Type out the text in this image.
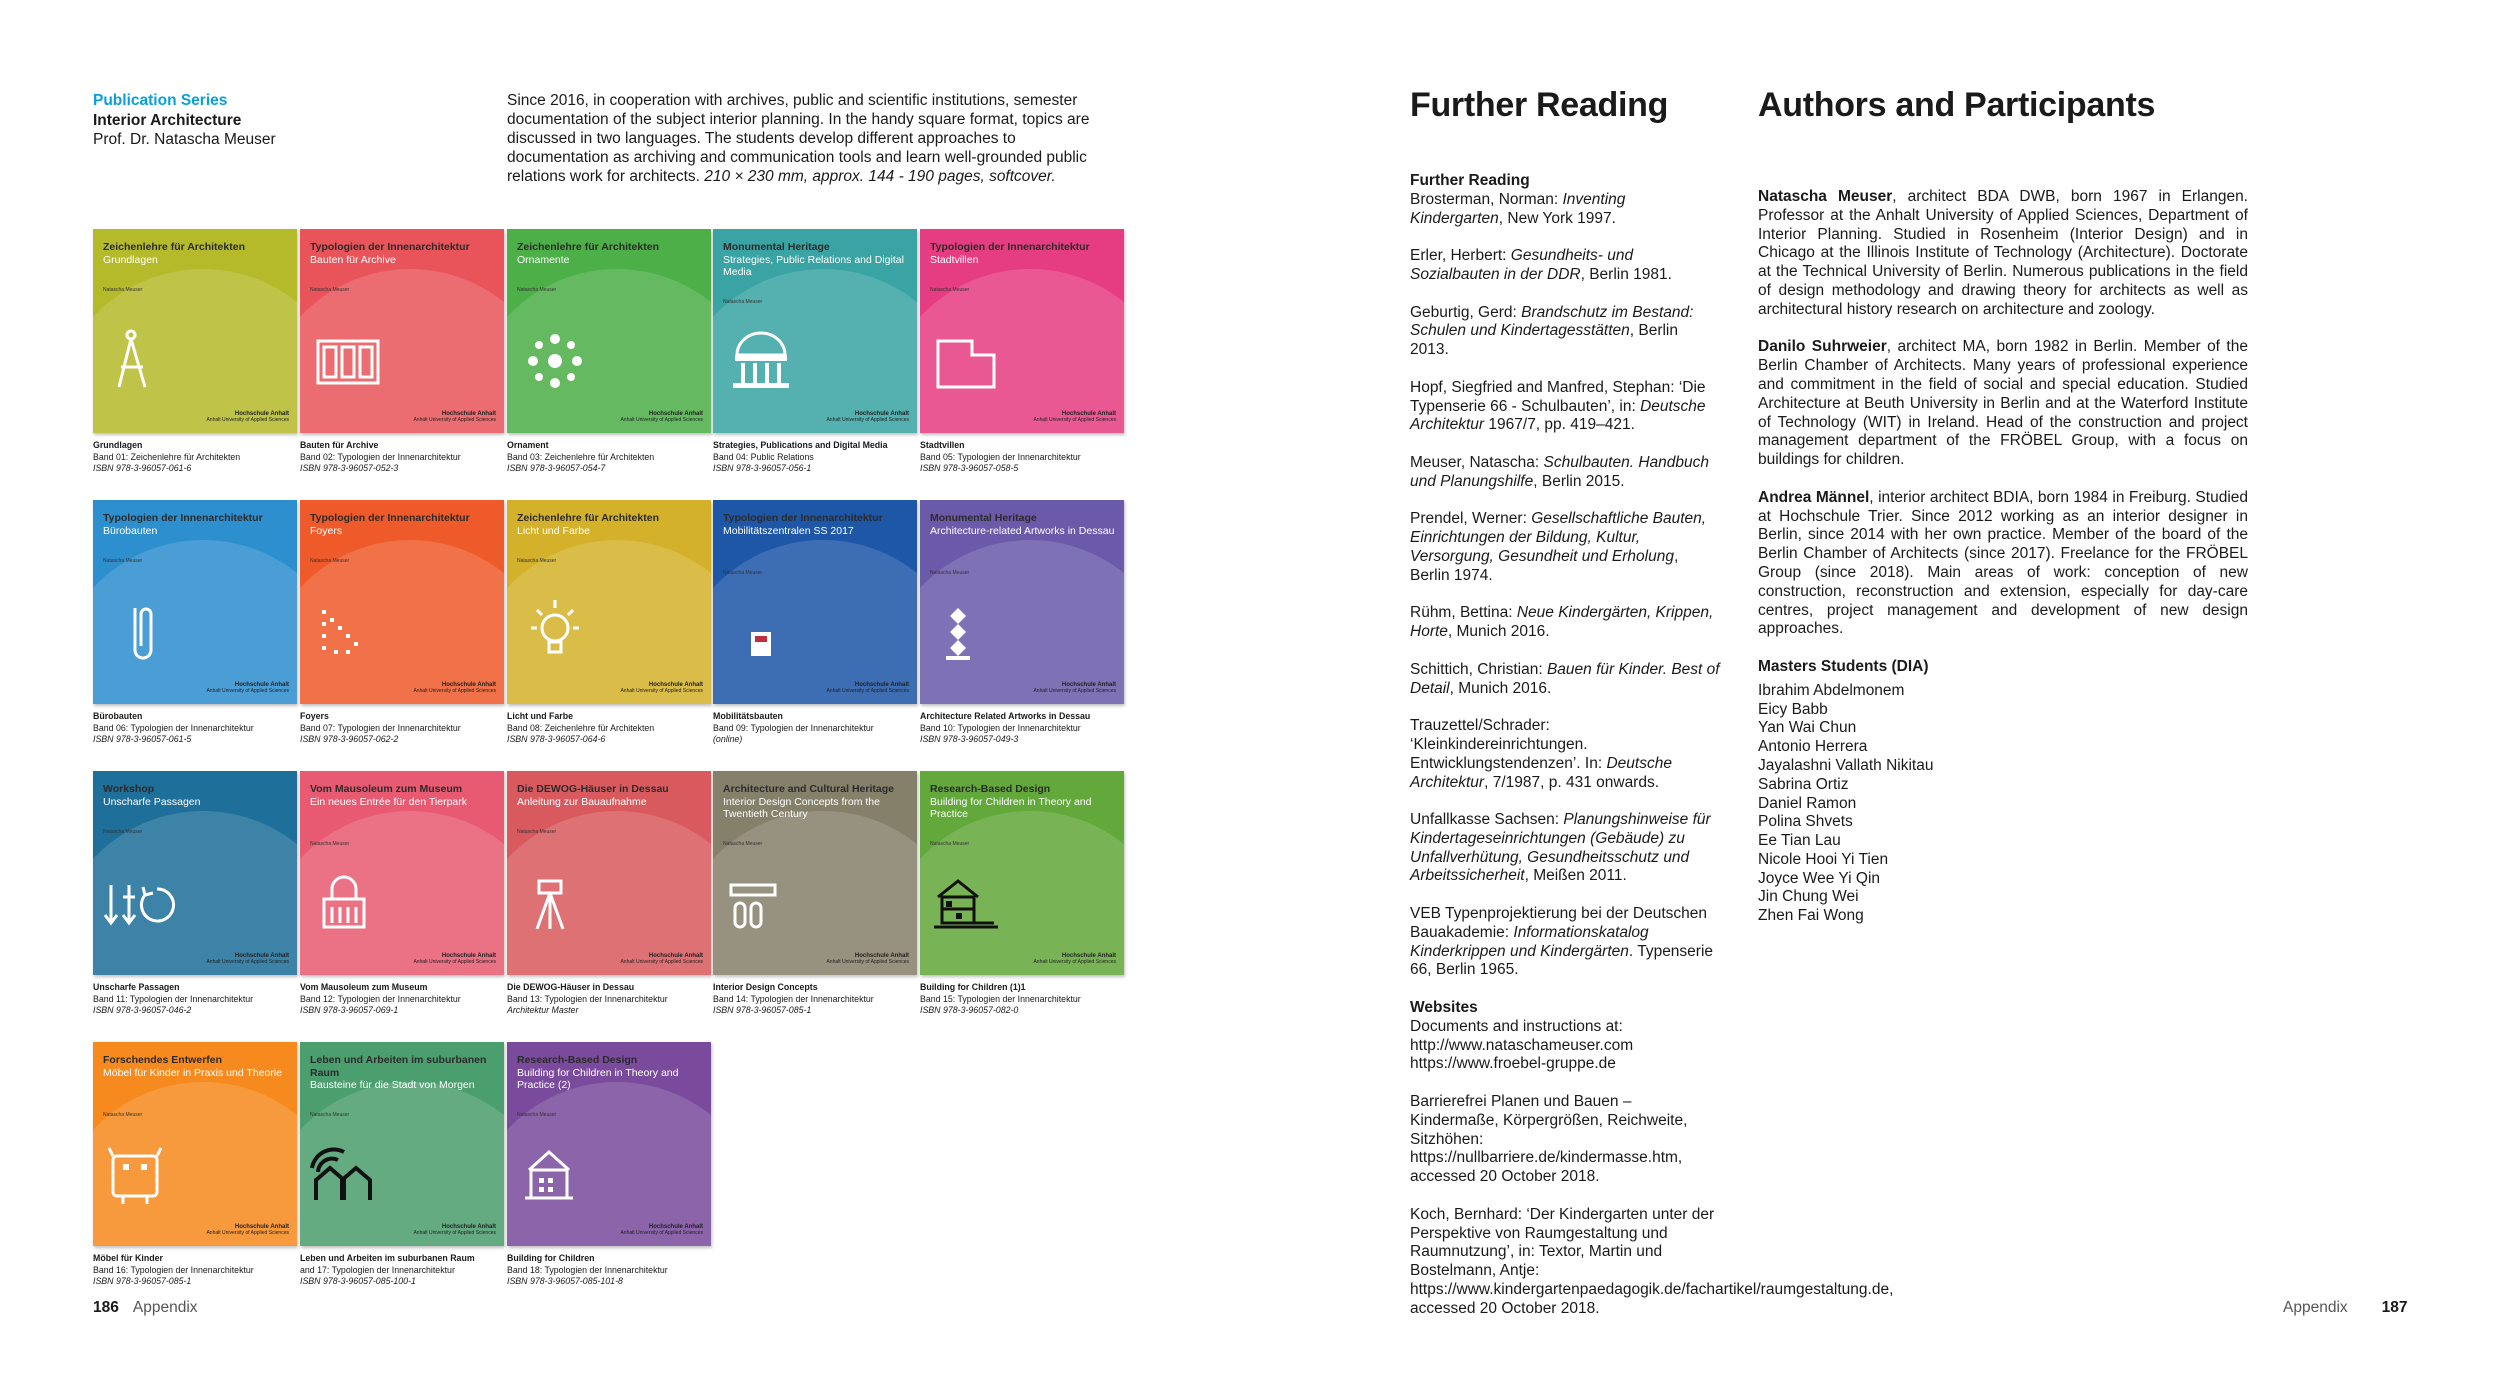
Publication Series
Interior Architecture
Prof. Dr. Natascha Meuser
Since 2016, in cooperation with archives, public and scientific institutions, semester documentation of the subject interior planning. In the handy square format, topics are discussed in two languages. The students develop different approaches to documentation as archiving and communication tools and learn well-grounded public relations work for architects. 210 × 230 mm, approx. 144 - 190 pages, softcover.
Zeichenlehre für Architekten
Grundlagen
Natascha Meuser
Hochschule Anhalt
Anhalt University of Applied Sciences
Grundlagen
Band 01: Zeichenlehre für Architekten
ISBN 978-3-96057-061-6
Typologien der Innenarchitektur
Bauten für Archive
Natascha Meuser
Hochschule Anhalt
Anhalt University of Applied Sciences
Bauten für Archive
Band 02: Typologien der Innenarchitektur
ISBN 978-3-96057-052-3
Zeichenlehre für Architekten
Ornamente
Natascha Meuser
Hochschule Anhalt
Anhalt University of Applied Sciences
Ornament
Band 03: Zeichenlehre für Architekten
ISBN 978-3-96057-054-7
Monumental Heritage
Strategies, Public Relations and Digital Media
Natascha Meuser
Hochschule Anhalt
Anhalt University of Applied Sciences
Strategies, Publications and Digital Media
Band 04: Public Relations
ISBN 978-3-96057-056-1
Typologien der Innenarchitektur
Stadtvillen
Natascha Meuser
Hochschule Anhalt
Anhalt University of Applied Sciences
Stadtvillen
Band 05: Typologien der Innenarchitektur
ISBN 978-3-96057-058-5
Typologien der Innenarchitektur
Bürobauten
Natascha Meuser
Hochschule Anhalt
Anhalt University of Applied Sciences
Bürobauten
Band 06: Typologien der Innenarchitektur
ISBN 978-3-96057-061-5
Typologien der Innenarchitektur
Foyers
Natascha Meuser
Hochschule Anhalt
Anhalt University of Applied Sciences
Foyers
Band 07: Typologien der Innenarchitektur
ISBN 978-3-96057-062-2
Zeichenlehre für Architekten
Licht und Farbe
Natascha Meuser
Hochschule Anhalt
Anhalt University of Applied Sciences
Licht und Farbe
Band 08: Zeichenlehre für Architekten
ISBN 978-3-96057-064-6
Typologien der Innenarchitektur
Mobilitätszentralen SS 2017
Natascha Meuser
Hochschule Anhalt
Anhalt University of Applied Sciences
Mobilitätsbauten
Band 09: Typologien der Innenarchitektur
(online)
Monumental Heritage
Architecture-related Artworks in Dessau
Natascha Meuser
Hochschule Anhalt
Anhalt University of Applied Sciences
Architecture Related Artworks in Dessau
Band 10: Typologien der Innenarchitektur
ISBN 978-3-96057-049-3
Workshop
Unscharfe Passagen
Natascha Meuser
Hochschule Anhalt
Anhalt University of Applied Sciences
Unscharfe Passagen
Band 11: Typologien der Innenarchitektur
ISBN 978-3-96057-046-2
Vom Mausoleum zum Museum
Ein neues Entrée für den Tierpark
Natascha Meuser
Hochschule Anhalt
Anhalt University of Applied Sciences
Vom Mausoleum zum Museum
Band 12: Typologien der Innenarchitektur
ISBN 978-3-96057-069-1
Die DEWOG-Häuser in Dessau
Anleitung zur Bauaufnahme
Natascha Meuser
Hochschule Anhalt
Anhalt University of Applied Sciences
Die DEWOG-Häuser in Dessau
Band 13: Typologien der Innenarchitektur
Architektur Master
Architecture and Cultural Heritage
Interior Design Concepts from the Twentieth Century
Natascha Meuser
Hochschule Anhalt
Anhalt University of Applied Sciences
Interior Design Concepts
Band 14: Typologien der Innenarchitektur
ISBN 978-3-96057-085-1
Research-Based Design
Building for Children in Theory and Practice
Natascha Meuser
Hochschule Anhalt
Anhalt University of Applied Sciences
Building for Children (1)1
Band 15: Typologien der Innenarchitektur
ISBN 978-3-96057-082-0
Forschendes Entwerfen
Möbel für Kinder in Praxis und Theorie
Natascha Meuser
Hochschule Anhalt
Anhalt University of Applied Sciences
Möbel für Kinder
Band 16: Typologien der Innenarchitektur
ISBN 978-3-96057-085-1
Leben und Arbeiten im suburbanen Raum
Bausteine für die Stadt von Morgen
Natascha Meuser
Hochschule Anhalt
Anhalt University of Applied Sciences
Leben und Arbeiten im suburbanen Raum
and 17: Typologien der Innenarchitektur
ISBN 978-3-96057-085-100-1
Research-Based Design
Building for Children in Theory and Practice (2)
Natascha Meuser
Hochschule Anhalt
Anhalt University of Applied Sciences
Building for Children
Band 18: Typologien der Innenarchitektur
ISBN 978-3-96057-085-101-8
186 Appendix
Further Reading	Authors and Participants
Further Reading

Brosterman, Norman: Inventing Kindergarten, New York 1997.

Erler, Herbert: Gesundheits- und Sozialbauten in der DDR, Berlin 1981.

Geburtig, Gerd: Brandschutz im Bestand: Schulen und Kindertagesstätten, Berlin 2013.

Hopf, Siegfried and Manfred, Stephan: ‘Die Typenserie 66 - Schulbauten’, in: Deutsche Architektur 1967/7, pp. 419–421.

Meuser, Natascha: Schulbauten. Handbuch und Planungshilfe, Berlin 2015.

Prendel, Werner: Gesellschaftliche Bauten, Einrichtungen der Bildung, Kultur, Versorgung, Gesundheit und Erholung, Berlin 1974.

Rühm, Bettina: Neue Kindergärten, Krippen, Horte, Munich 2016.

Schittich, Christian: Bauen für Kinder. Best of Detail, Munich 2016.

Trauzettel/Schrader: ‘Kleinkindereinrichtungen. Entwicklungstendenzen’. In: Deutsche Architektur, 7/1987, p. 431 onwards.

Unfallkasse Sachsen: Planungshinweise für Kindertageseinrichtungen (Gebäude) zu Unfallverhütung, Gesundheitsschutz und Arbeitssicherheit, Meißen 2011.

VEB Typenprojektierung bei der Deutschen Bauakademie: Informationskatalog Kinderkrippen und Kindergärten. Typenserie 66, Berlin 1965.

Websites

Documents and instructions at: http://www.nataschameuser.com https://www.froebel-gruppe.de

Barrierefrei Planen und Bauen – Kindermaße, Körpergrößen, Reichweite, Sitzhöhen: https://nullbarriere.de/kindermasse.htm, accessed 20 October 2018.

Koch, Bernhard: ‘Der Kindergarten unter der Perspektive von Raumgestaltung und Raumnutzung’, in: Textor, Martin und Bostelmann, Antje: https://www.kindergartenpaedagogik.de/fachartikel/raumgestaltung.de, accessed 20 October 2018.

Natascha Meuser, architect BDA DWB, born 1967 in Erlangen. Professor at the Anhalt University of Applied Sciences, Department of Interior Planning. Studied in Rosenheim (Interior Design) and in Chicago at the Illinois Institute of Technology (Architecture). Doctorate at the Technical University of Berlin. Numerous publications in the field of design methodology and drawing theory for architects as well as architectural history research on architecture and zoology.

Danilo Suhrweier, architect MA, born 1982 in Berlin. Member of the Berlin Chamber of Architects. Many years of professional experience and commitment in the field of social and special education. Studied Architecture at Beuth University in Berlin and at the Waterford Institute of Technology (WIT) in Ireland. Head of the construction and project management department of the FRÖBEL Group, with a focus on buildings for children.

Andrea Männel, interior architect BDIA, born 1984 in Freiburg. Studied at Hochschule Trier. Since 2012 working as an interior designer in Berlin, since 2014 with her own practice. Member of the board of the Berlin Chamber of Architects (since 2017). Freelance for the FRÖBEL Group (since 2018). Main areas of work: conception of new construction, reconstruction and extension, especially for day-care centres, project management and development of new design approaches.

Masters Students (DIA)
Ibrahim Abdelmonem
Eicy Babb
Yan Wai Chun
Antonio Herrera
Jayalashni Vallath Nikitau
Sabrina Ortiz
Daniel Ramon
Polina Shvets
Ee Tian Lau
Nicole Hooi Yi Tien
Joyce Wee Yi Qin
Jin Chung Wei
Zhen Fai Wong
Appendix 187
